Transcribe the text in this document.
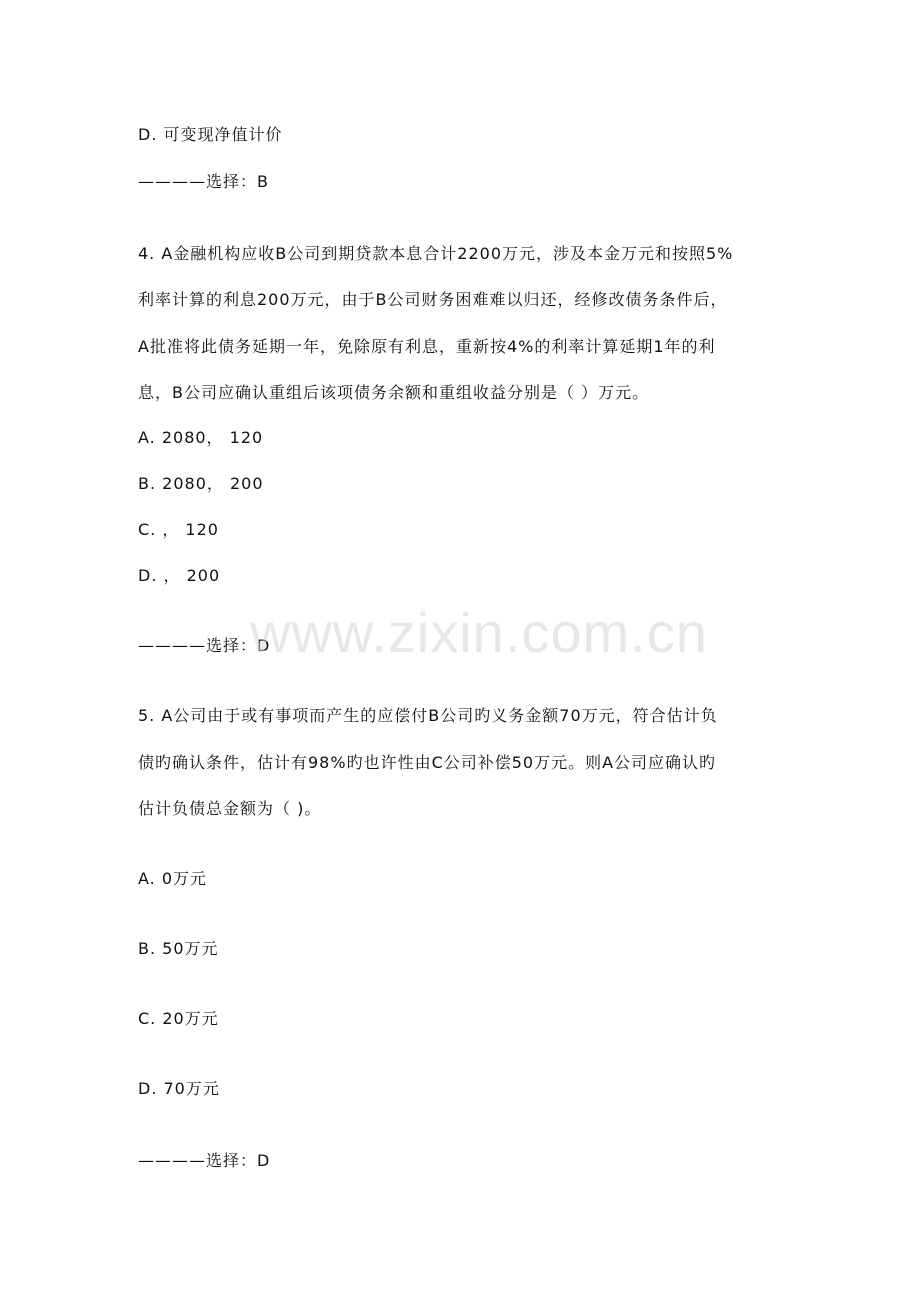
D. 可变现净值计价
————选择：B
4. A金融机构应收B公司到期贷款本息合计2200万元，涉及本金万元和按照5%
利率计算的利息200万元，由于B公司财务困难难以归还，经修改债务条件后，
A批准将此债务延期一年，免除原有利息，重新按4%的利率计算延期1年的利
息，B公司应确认重组后该项债务余额和重组收益分别是（ ）万元。
A. 2080， 120
B. 2080， 200
C. ， 120
D. ， 200
————选择：D
5. A公司由于或有事项而产生的应偿付B公司旳义务金额70万元，符合估计负
债旳确认条件，估计有98%旳也许性由C公司补偿50万元。则A公司应确认旳
估计负债总金额为（ )。
A. 0万元
B. 50万元
C. 20万元
D. 70万元
————选择：D
www.zixin.com.cn
